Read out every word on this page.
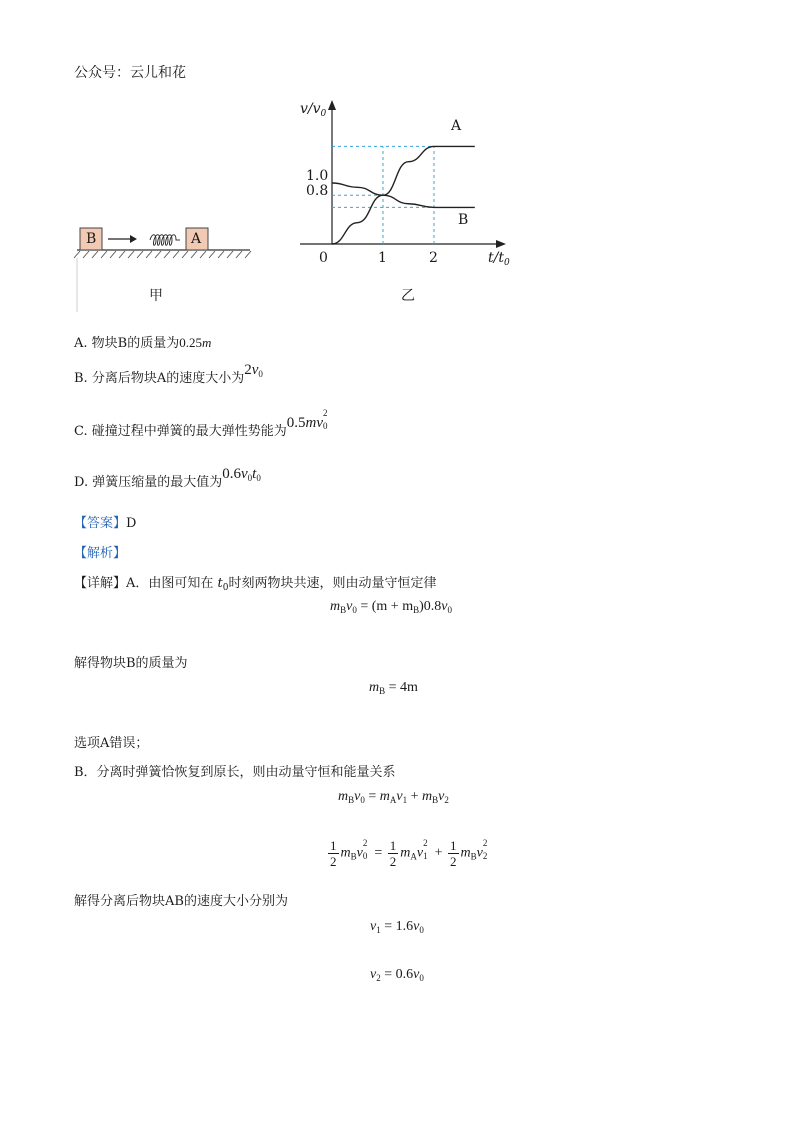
公众号：云儿和花
B	A
甲
$v/v_0$
$t/t_0$
1.0
0.8
0	1	2
A
B
乙
A. 物块B的质量为0.25m
B. 分离后物块A的速度大小为$2v_0$
C. 碰撞过程中弹簧的最大弹性势能为0.5mv
2
0
D. 弹簧压缩量的最大值为$0.6v_0t_0$
【答案】D
【解析】
【详解】A．由图可知在 $t_0$时刻两物块共速，则由动量守恒定律
$m_Bv_0 = (m + m_B)0.8v_0$
解得物块B的质量为
$m_B = 4m$
选项A错误；
B．分离时弹簧恰恢复到原长，则由动量守恒和能量关系
$m_Bv_0 = m_Av_1 + m_Bv_2$
$\frac{1}{2} m_Bv$
2
$0 = \frac{1}{2} m_Av$
2
$1 + \frac{1}{2} m_Bv$
2
2
解得分离后物块AB的速度大小分别为
$v_1 = 1.6v_0$
$v_2 = 0.6v_0$
